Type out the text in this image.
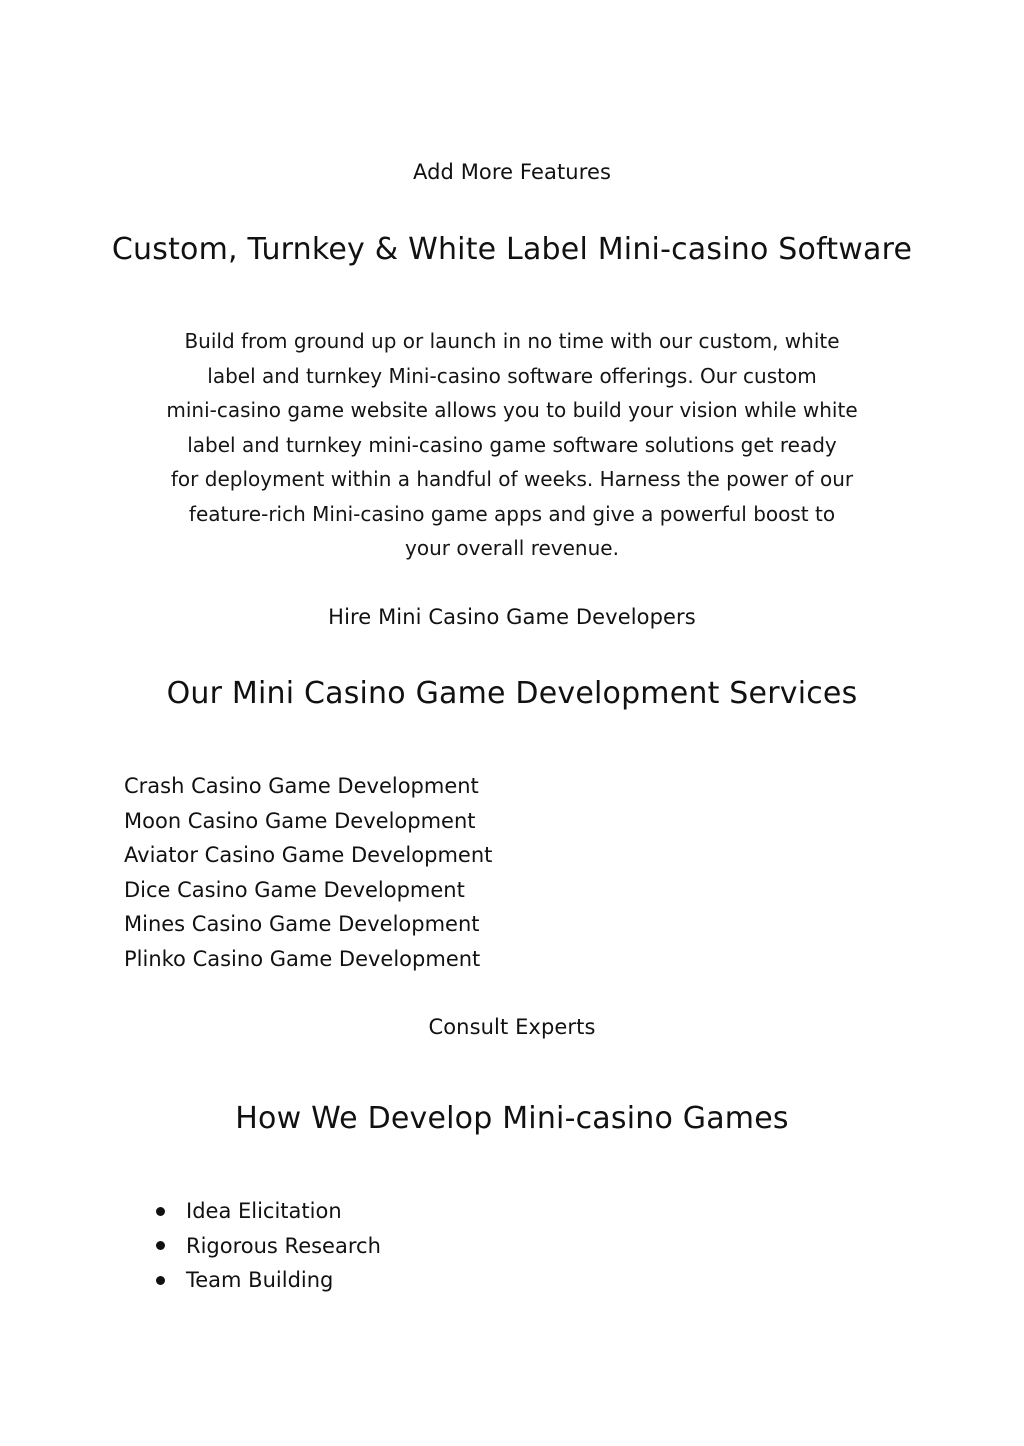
Add More Features
Custom, Turnkey & White Label Mini-casino Software
Build from ground up or launch in no time with our custom, white
label and turnkey Mini-casino software offerings. Our custom
mini-casino game website allows you to build your vision while white
label and turnkey mini-casino game software solutions get ready
for deployment within a handful of weeks. Harness the power of our
feature-rich Mini-casino game apps and give a powerful boost to
your overall revenue.
Hire Mini Casino Game Developers
Our Mini Casino Game Development Services
Crash Casino Game Development
Moon Casino Game Development
Aviator Casino Game Development
Dice Casino Game Development
Mines Casino Game Development
Plinko Casino Game Development
Consult Experts
How We Develop Mini-casino Games
Idea Elicitation
Rigorous Research
Team Building
